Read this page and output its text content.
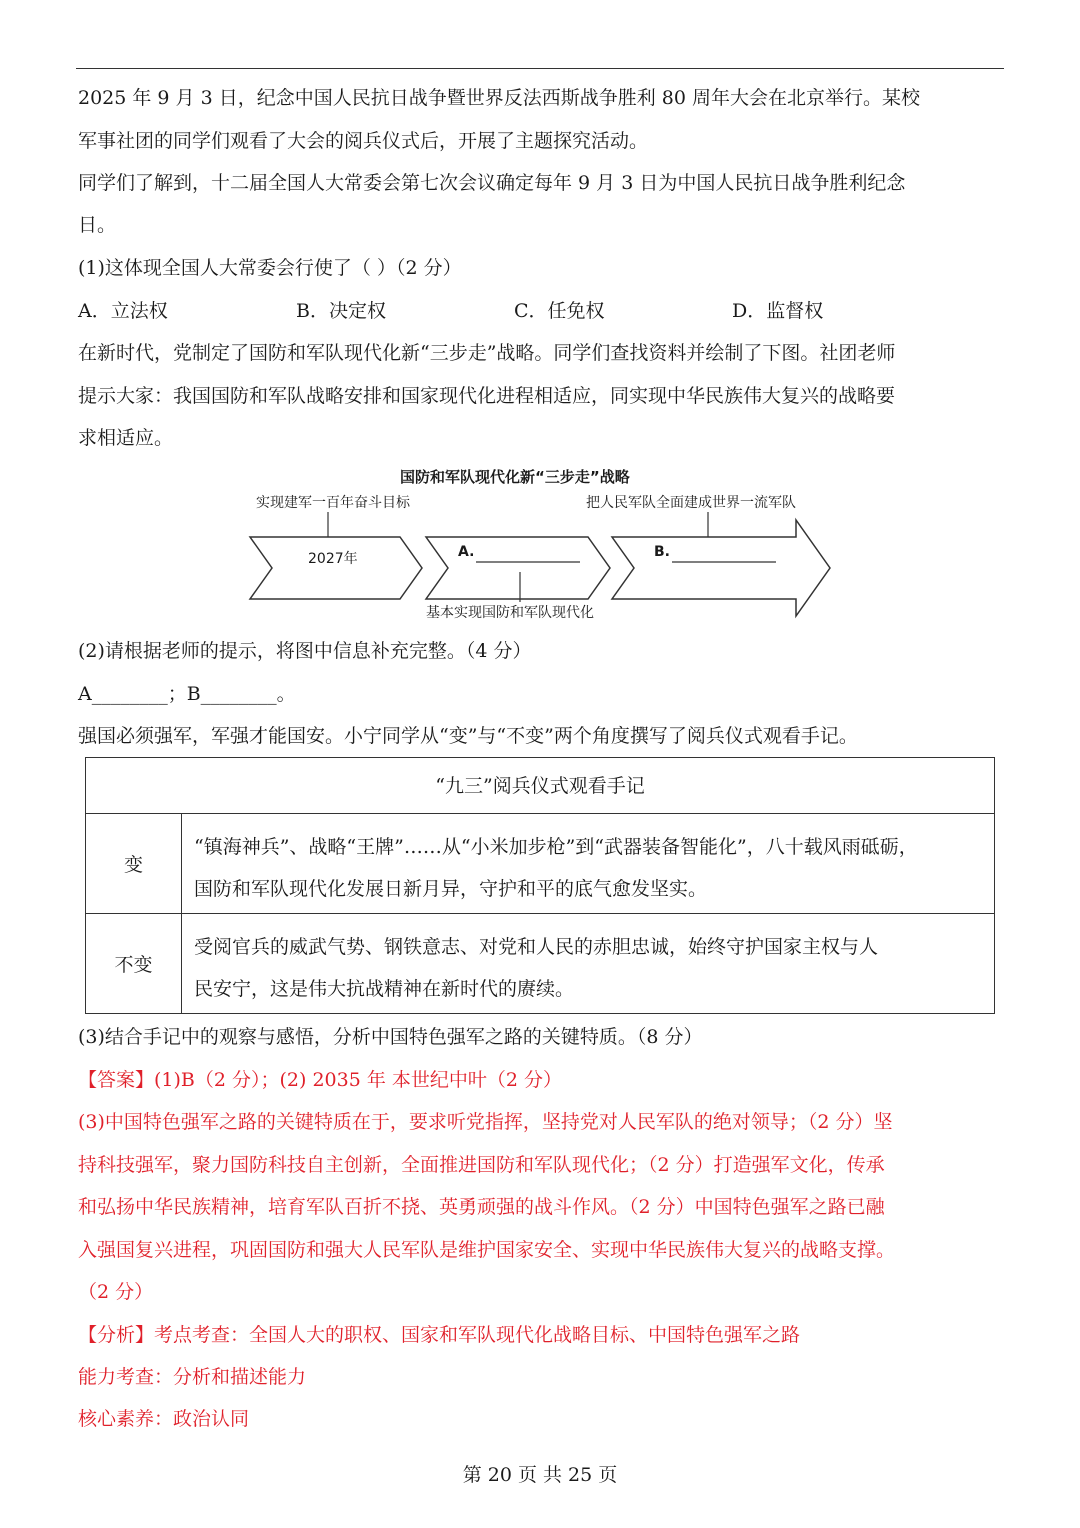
2025 年 9 月 3 日，纪念中国人民抗日战争暨世界反法西斯战争胜利 80 周年大会在北京举行。某校
军事社团的同学们观看了大会的阅兵仪式后，开展了主题探究活动。
同学们了解到，十二届全国人大常委会第七次会议确定每年 9 月 3 日为中国人民抗日战争胜利纪念
日。
(1)这体现全国人大常委会行使了（ ）（2 分）
A．立法权	B．决定权	C．任免权	D．监督权
在新时代，党制定了国防和军队现代化新“三步走”战略。同学们查找资料并绘制了下图。社团老师
提示大家：我国国防和军队战略安排和国家现代化进程相适应，同实现中华民族伟大复兴的战略要
求相适应。
国防和军队现代化新“三步走”战略
实现建军一百年奋斗目标	把人民军队全面建成世界一流军队
2027年	A.	B.
基本实现国防和军队现代化
(2)请根据老师的提示，将图中信息补充完整。（4 分）
A________；B________。
强国必须强军，军强才能国安。小宁同学从“变”与“不变”两个角度撰写了阅兵仪式观看手记。
“九三”阅兵仪式观看手记
变
“镇海神兵”、战略“王牌”……从“小米加步枪”到“武器装备智能化”，八十载风雨砥砺，
国防和军队现代化发展日新月异，守护和平的底气愈发坚实。
不变
受阅官兵的威武气势、钢铁意志、对党和人民的赤胆忠诚，始终守护国家主权与人
民安宁，这是伟大抗战精神在新时代的赓续。
(3)结合手记中的观察与感悟，分析中国特色强军之路的关键特质。（8 分）
【答案】(1)B（2 分）；(2) 2035 年 本世纪中叶（2 分）
(3)中国特色强军之路的关键特质在于，要求听党指挥，坚持党对人民军队的绝对领导；（2 分）坚
持科技强军，聚力国防科技自主创新，全面推进国防和军队现代化；（2 分）打造强军文化，传承
和弘扬中华民族精神，培育军队百折不挠、英勇顽强的战斗作风。（2 分）中国特色强军之路已融
入强国复兴进程，巩固国防和强大人民军队是维护国家安全、实现中华民族伟大复兴的战略支撑。
（2 分）
【分析】考点考查：全国人大的职权、国家和军队现代化战略目标、中国特色强军之路
能力考查：分析和描述能力
核心素养：政治认同
第 20 页 共 25 页
